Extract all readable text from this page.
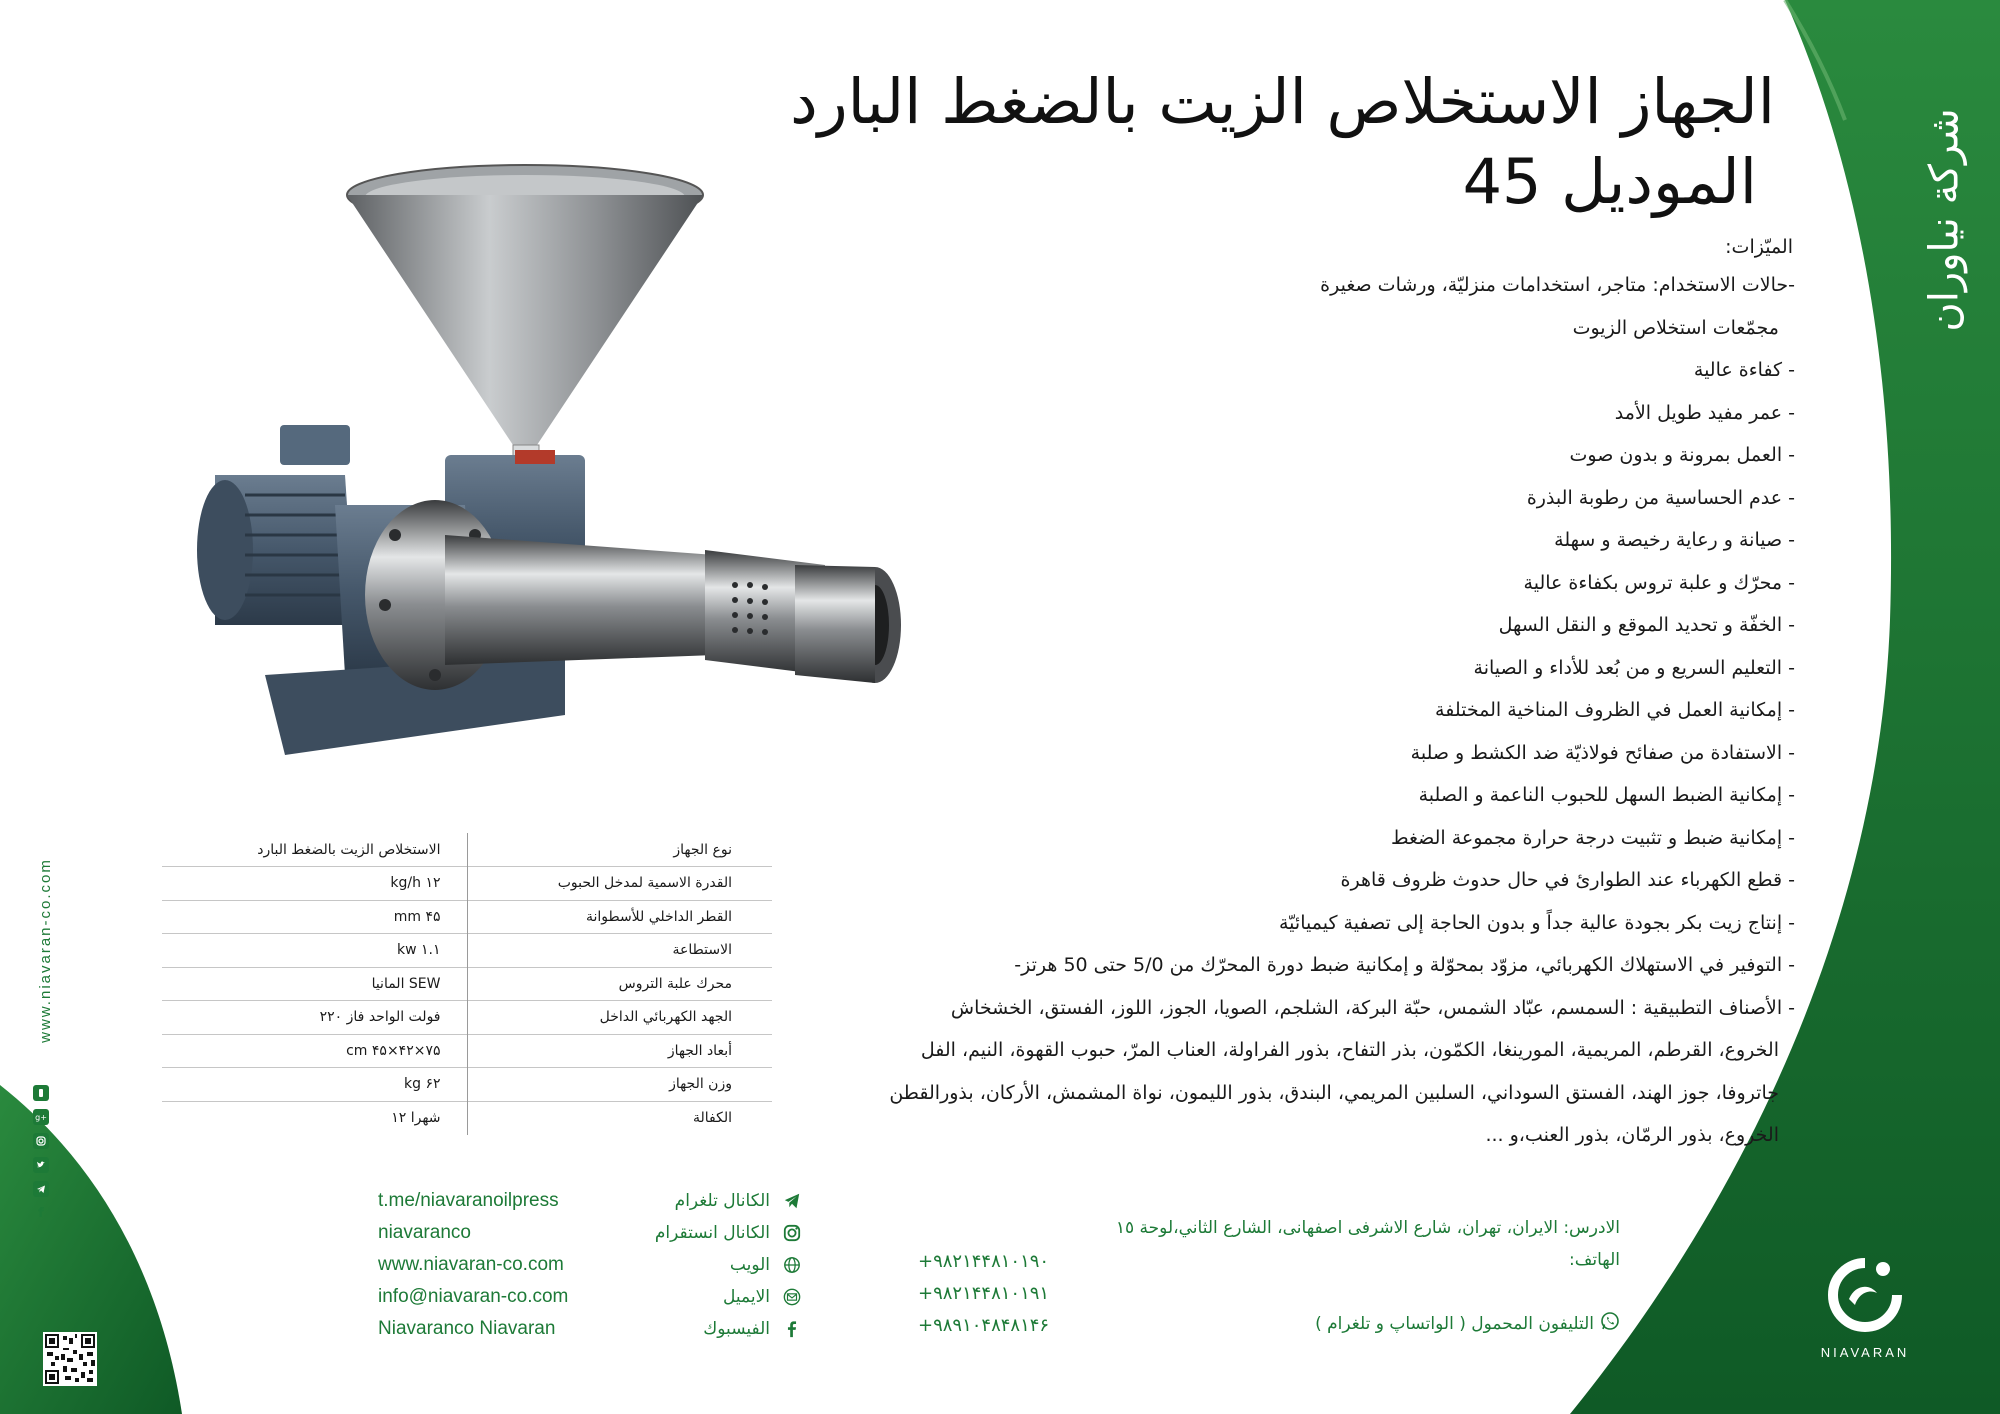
شركة نياوران
NIAVARAN
الجهاز الاستخلاص الزيت بالضغط البارد
الموديل 45
الميّزات:
-حالات الاستخدام: متاجر، استخدامات منزليّة، ورشات صغيرة
مجمّعات استخلاص الزيوت
- كفاءة عالية
- عمر مفيد طويل الأمد
- العمل بمرونة و بدون صوت
- عدم الحساسية من رطوبة البذرة
- صيانة و رعاية رخيصة و سهلة
- محرّك و علبة تروس بكفاءة عالية
- الخفّة و تحديد الموقع و النقل السهل
- التعليم السريع و من بُعد للأداء و الصيانة
- إمكانية العمل في الظروف المناخية المختلفة
- الاستفادة من صفائح فولاذيّة ضد الكشط و صلبة
- إمكانية الضبط السهل للحبوب الناعمة و الصلبة
- إمكانية ضبط و تثبيت درجة حرارة مجموعة الضغط
- قطع الكهرباء عند الطوارئ في حال حدوث ظروف قاهرة
- إنتاج زيت بكر بجودة عالية جداً و بدون الحاجة إلى تصفية كيميائيّة
- التوفير في الاستهلاك الكهربائي، مزوّد بمحوّلة و إمكانية ضبط دورة المحرّك من 5/0 حتى 50 هرتز-
- الأصناف التطبيقية : السمسم، عبّاد الشمس، حبّة البركة، الشلجم، الصويا، الجوز، اللوز، الفستق، الخشخاش
الخروع، القرطم، المريمية، المورينغا، الكمّون، بذر التفاح، بذور الفراولة، العناب المرّ، حبوب القهوة، النيم، الفل
جاتروفا، جوز الهند، الفستق السوداني، السلبين المريمي، البندق، بذور الليمون، نواة المشمش، الأركان، بذورالقطن
الخروع، بذور الرمّان، بذور العنب،و ...
الاستخلاص الزيت بالضغط البارد	نوع الجهاز
۱۲ kg/h	القدرة الاسمية لمدخل الحبوب
۴۵ mm	القطر الداخلي للأسطوانة
۱.۱ kw	الاستطاعة
SEW المانيا	محرك علبة التروس
فولت الواحد فاز ۲۲۰	الجهد الكهربائي الداخل
۷۵×۴۲×۴۵ cm	أبعاد الجهاز
۶۲ kg	وزن الجهاز
شهرا ۱۲	الكفالة
t.me/niavaranoilpress	الكانال تلغرام
niavaranco	الكانال انستقرام
www.niavaran-co.com	الويب
info@niavaran-co.com	الايميل
Niavaranco Niavaran	الفيسبوك
الادرس: الايران، تهران، شارع الاشرفى اصفهانى، الشارع الثاني،لوحة ١٥
الهاتف:
+۹۸۲۱۴۴۸۱۰۱۹۰
+۹۸۲۱۴۴۸۱۰۱۹۱
+۹۸۹۱۰۴۸۴۸۱۴۶	التليفون المحمول ( الواتساپ و تلغرام )
www.niavaran-co.com
g+
f
